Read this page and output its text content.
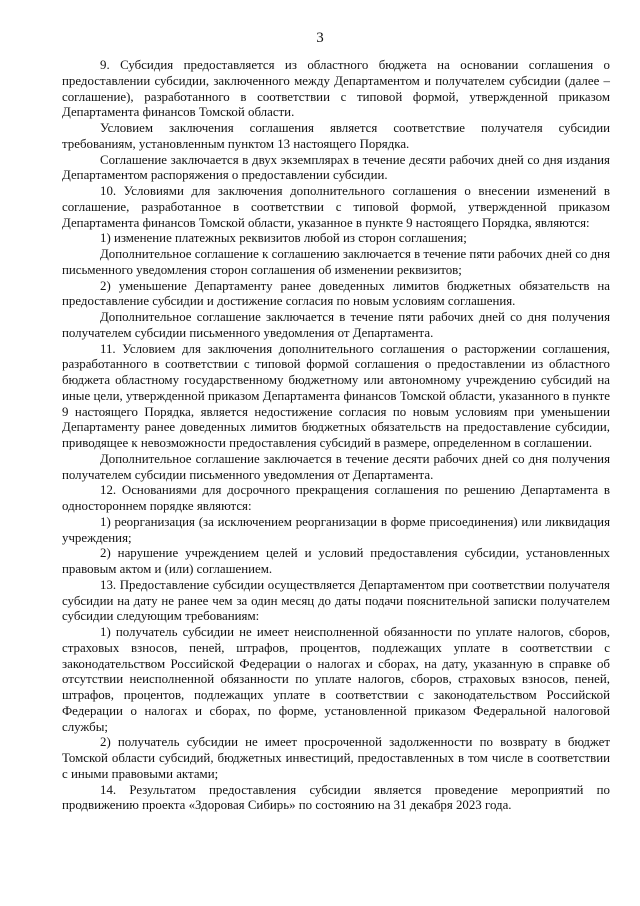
3

9. Субсидия предоставляется из областного бюджета на основании соглашения о предоставлении субсидии, заключенного между Департаментом и получателем субсидии (далее – соглашение), разработанного в соответствии с типовой формой, утвержденной приказом Департамента финансов Томской области.

Условием заключения соглашения является соответствие получателя субсидии требованиям, установленным пунктом 13 настоящего Порядка.

Соглашение заключается в двух экземплярах в течение десяти рабочих дней со дня издания Департаментом распоряжения о предоставлении субсидии.

10. Условиями для заключения дополнительного соглашения о внесении изменений в соглашение, разработанное в соответствии с типовой формой, утвержденной приказом Департамента финансов Томской области, указанное в пункте 9 настоящего Порядка, являются:

1) изменение платежных реквизитов любой из сторон соглашения;

Дополнительное соглашение к соглашению заключается в течение пяти рабочих дней со дня письменного уведомления сторон соглашения об изменении реквизитов;

2) уменьшение Департаменту ранее доведенных лимитов бюджетных обязательств на предоставление субсидии и достижение согласия по новым условиям соглашения.

Дополнительное соглашение заключается в течение пяти рабочих дней со дня получения получателем субсидии письменного уведомления от Департамента.

11. Условием для заключения дополнительного соглашения о расторжении соглашения, разработанного в соответствии с типовой формой соглашения о предоставлении из областного бюджета областному государственному бюджетному или автономному учреждению субсидий на иные цели, утвержденной приказом Департамента финансов Томской области, указанного в пункте 9 настоящего Порядка, является недостижение согласия по новым условиям при уменьшении Департаменту ранее доведенных лимитов бюджетных обязательств на предоставление субсидии, приводящее к невозможности предоставления субсидий в размере, определенном в соглашении.

Дополнительное соглашение заключается в течение десяти рабочих дней со дня получения получателем субсидии письменного уведомления от Департамента.

12. Основаниями для досрочного прекращения соглашения по решению Департамента в одностороннем порядке являются:

1) реорганизация (за исключением реорганизации в форме присоединения) или ликвидация учреждения;

2) нарушение учреждением целей и условий предоставления субсидии, установленных правовым актом и (или) соглашением.

13. Предоставление субсидии осуществляется Департаментом при соответствии получателя субсидии на дату не ранее чем за один месяц до даты подачи пояснительной записки получателем субсидии следующим требованиям:

1) получатель субсидии не имеет неисполненной обязанности по уплате налогов, сборов, страховых взносов, пеней, штрафов, процентов, подлежащих уплате в соответствии с законодательством Российской Федерации о налогах и сборах, на дату, указанную в справке об отсутствии неисполненной обязанности по уплате налогов, сборов, страховых взносов, пеней, штрафов, процентов, подлежащих уплате в соответствии с законодательством Российской Федерации о налогах и сборах, по форме, установленной приказом Федеральной налоговой службы;

2) получатель субсидии не имеет просроченной задолженности по возврату в бюджет Томской области субсидий, бюджетных инвестиций, предоставленных в том числе в соответствии с иными правовыми актами;

14. Результатом предоставления субсидии является проведение мероприятий по продвижению проекта «Здоровая Сибирь» по состоянию на 31 декабря 2023 года.
